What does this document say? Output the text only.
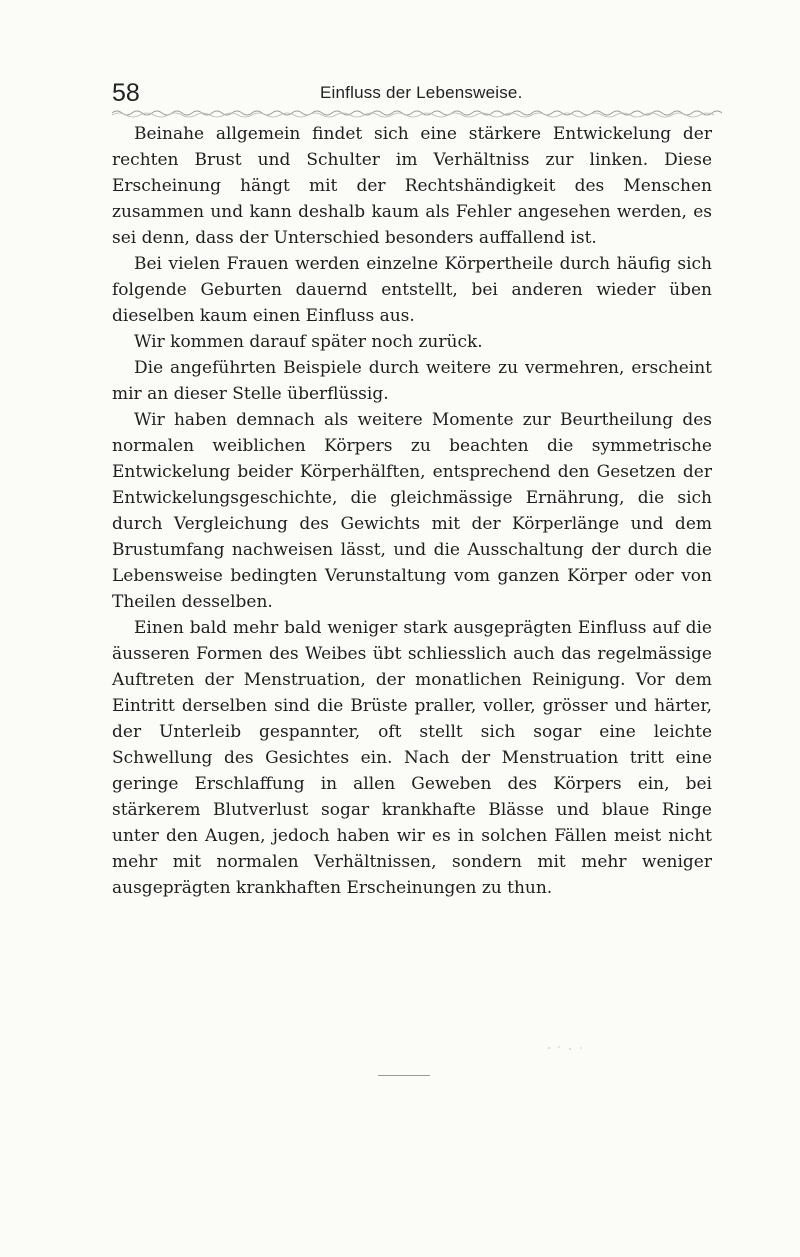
58	Einfluss der Lebensweise.

Beinahe allgemein findet sich eine stärkere Entwickelung der rechten Brust und Schulter im Verhältniss zur linken. Diese Erscheinung hängt mit der Rechtshändigkeit des Menschen zusammen und kann deshalb kaum als Fehler angesehen werden, es sei denn, dass der Unterschied besonders auffallend ist.

Bei vielen Frauen werden einzelne Körpertheile durch häufig sich folgende Geburten dauernd entstellt, bei anderen wieder üben dieselben kaum einen Einfluss aus.

Wir kommen darauf später noch zurück.

Die angeführten Beispiele durch weitere zu vermehren, erscheint mir an dieser Stelle überflüssig.

Wir haben demnach als weitere Momente zur Beurtheilung des normalen weiblichen Körpers zu beachten die symmetrische Entwickelung beider Körperhälften, entsprechend den Gesetzen der Entwickelungsgeschichte, die gleichmässige Ernährung, die sich durch Vergleichung des Gewichts mit der Körperlänge und dem Brustumfang nachweisen lässt, und die Ausschaltung der durch die Lebensweise bedingten Verunstaltung vom ganzen Körper oder von Theilen desselben.

Einen bald mehr bald weniger stark ausgeprägten Einfluss auf die äusseren Formen des Weibes übt schliesslich auch das regelmässige Auftreten der Menstruation, der monatlichen Reinigung. Vor dem Eintritt derselben sind die Brüste praller, voller, grösser und härter, der Unterleib gespannter, oft stellt sich sogar eine leichte Schwellung des Gesichtes ein. Nach der Menstruation tritt eine geringe Erschlaffung in allen Geweben des Körpers ein, bei stärkerem Blutverlust sogar krankhafte Blässe und blaue Ringe unter den Augen, jedoch haben wir es in solchen Fällen meist nicht mehr mit normalen Verhältnissen, sondern mit mehr weniger ausgeprägten krankhaften Erscheinungen zu thun.
